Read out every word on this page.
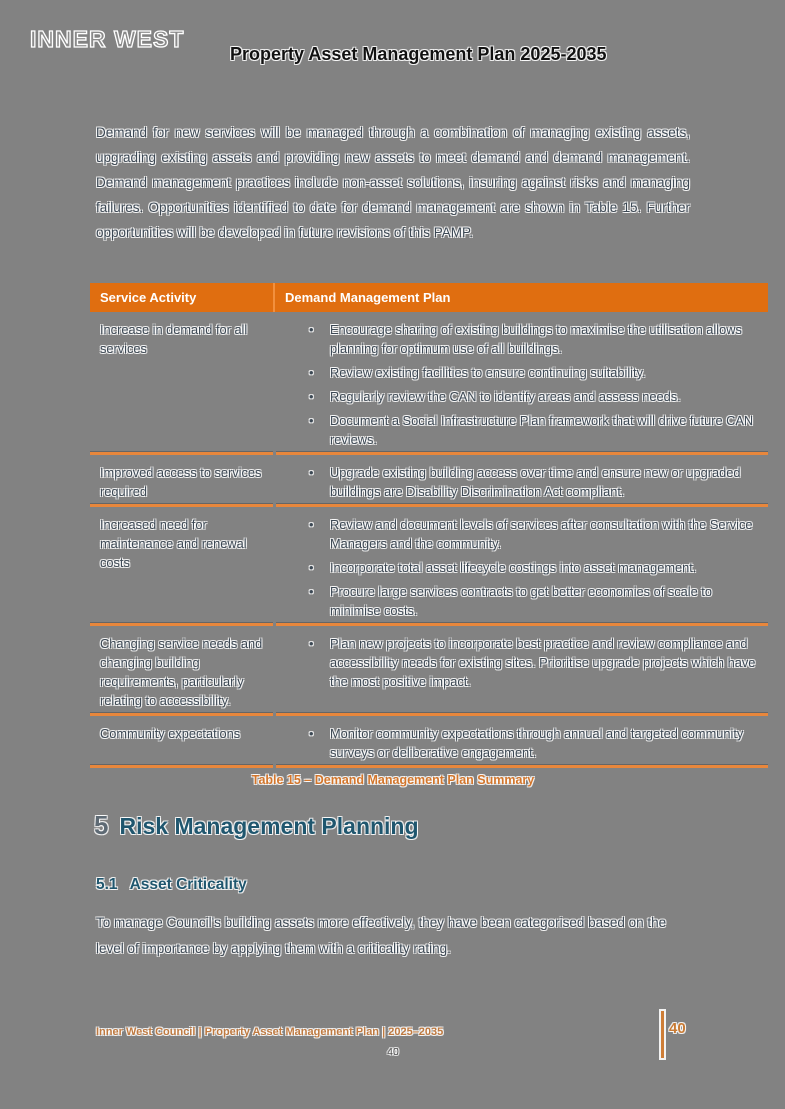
INNER WEST
Property Asset Management Plan 2025-2035
Demand for new services will be managed through a combination of managing existing assets, upgrading existing assets and providing new assets to meet demand and demand management. Demand management practices include non-asset solutions, insuring against risks and managing failures. Opportunities identified to date for demand management are shown in Table 15. Further opportunities will be developed in future revisions of this PAMP.
Service Activity	Demand Management Plan
Increase in demand for all services
•	Encourage sharing of existing buildings to maximise the utilisation allows planning for optimum use of all buildings.
•	Review existing facilities to ensure continuing suitability.
•	Regularly review the CAN to identify areas and assess needs.
•	Document a Social Infrastructure Plan framework that will drive future CAN reviews.
Improved access to services required
•	Upgrade existing building access over time and ensure new or upgraded buildings are Disability Discrimination Act compliant.
Increased need for maintenance and renewal costs
•	Review and document levels of services after consultation with the Service Managers and the community.
•	Incorporate total asset lifecycle costings into asset management.
•	Procure large services contracts to get better economies of scale to minimise costs.
Changing service needs and changing building requirements, particularly relating to accessibility.
•	Plan new projects to incorporate best practice and review compliance and accessibility needs for existing sites. Prioritise upgrade projects which have the most positive impact.
Community expectations	•	Monitor community expectations through annual and targeted community surveys or deliberative engagement.
Table 15 – Demand Management Plan Summary
5 Risk Management Planning
5.1 Asset Criticality
To manage Council's building assets more effectively, they have been categorised based on the level of importance by applying them with a criticality rating.
Inner West Council | Property Asset Management Plan | 2025–2035	40
40
